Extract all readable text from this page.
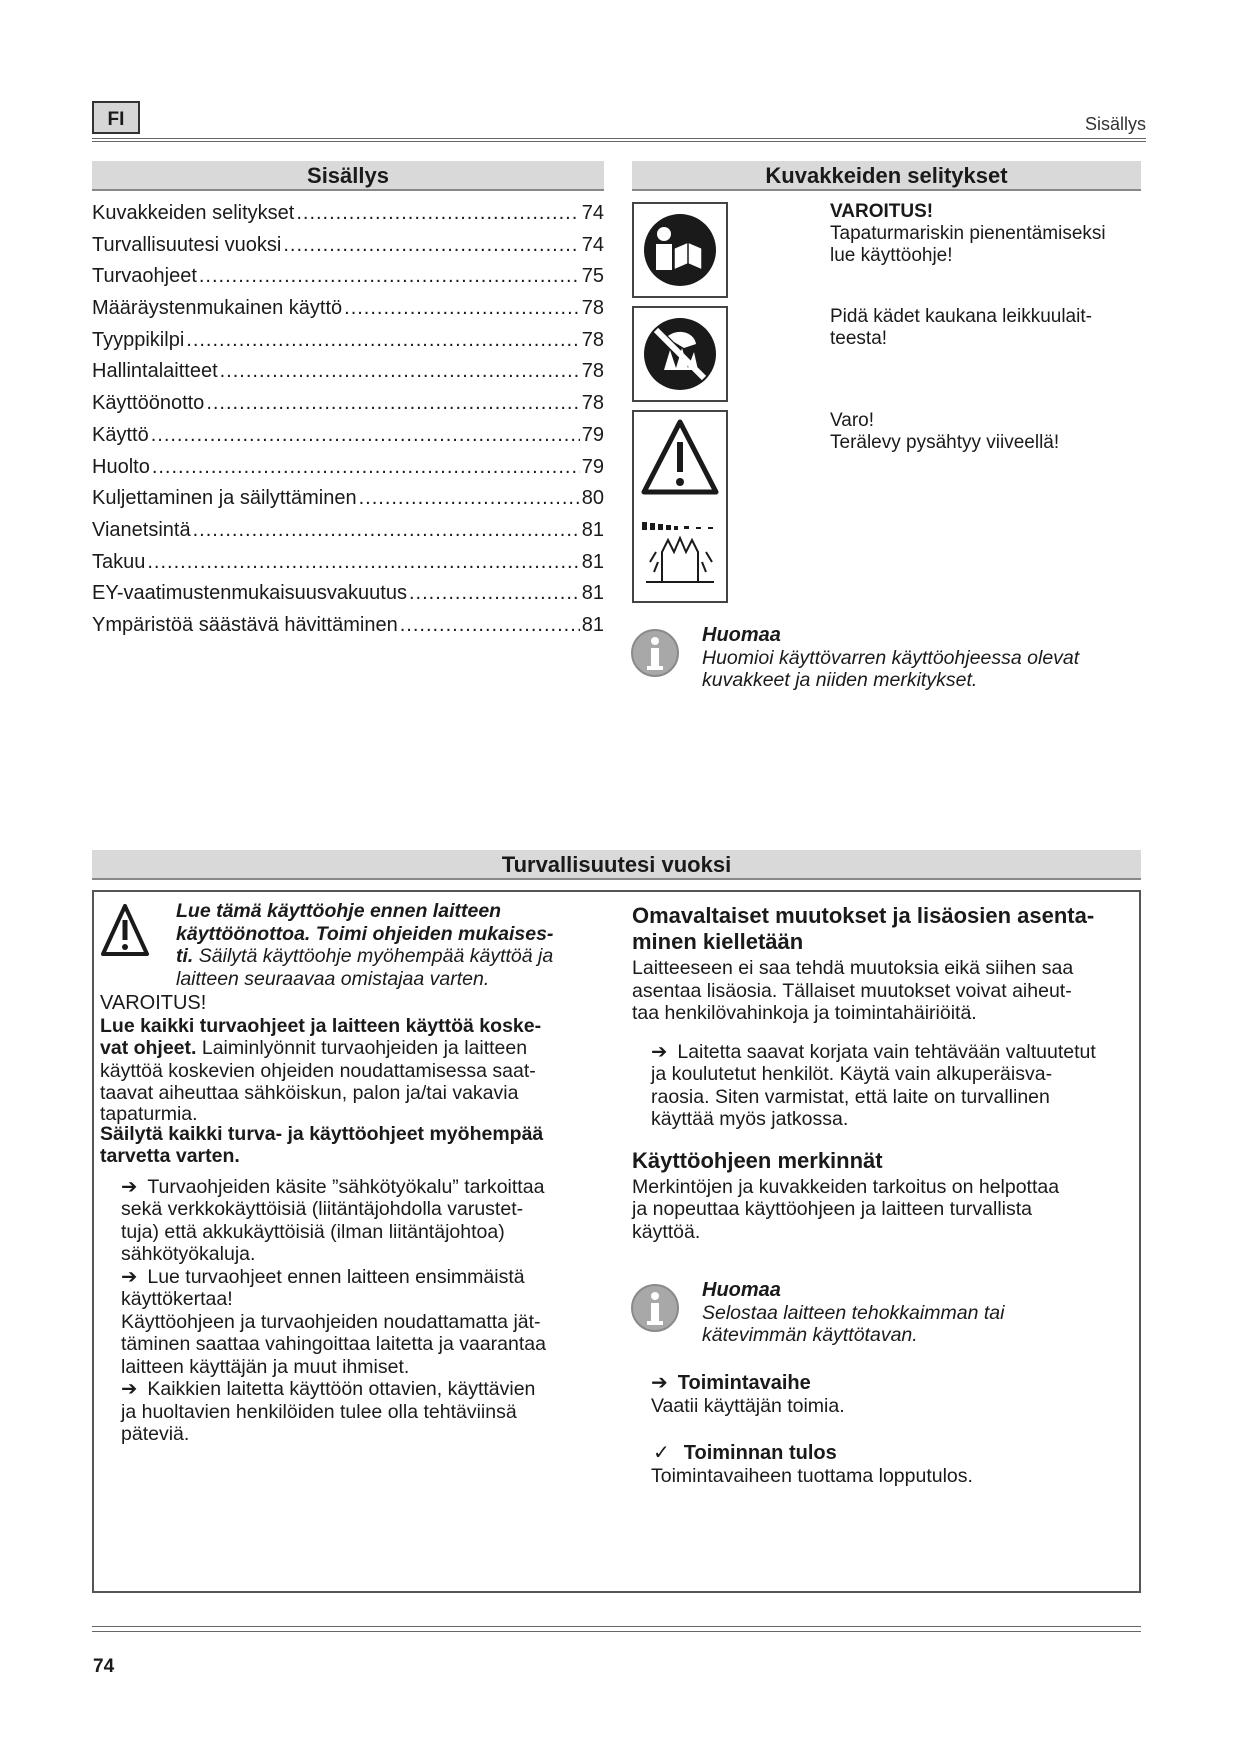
FI	Sisällys
Sisällys
Kuvakkeiden selitykset .....	74
Turvallisuutesi vuoksi .....	74
Turvaohjeet .....	75
Määräystenmukainen käyttö .....	78
Tyyppikilpi .....	78
Hallintalaitteet .....	78
Käyttöönotto .....	78
Käyttö .....	79
Huolto .....	79
Kuljettaminen ja säilyttäminen .....	80
Vianetsintä .....	81
Takuu .....	81
EY-vaatimustenmukaisuusvakuutus .....	81
Ympäristöä säästävä hävittäminen .....	81
Kuvakkeiden selitykset
VAROITUS!
Tapaturmariskin pienentämiseksi
lue käyttöohje!
Pidä kädet kaukana leikkuulait-
teesta!
Varo!
Terälevy pysähtyy viiveellä!
Huomaa
Huomioi käyttövarren käyttöohjeessa olevat
kuvakkeet ja niiden merkitykset.
Turvallisuutesi vuoksi
Lue tämä käyttöohje ennen laitteen
käyttöönottoa. Toimi ohjeiden mukaises-
ti. Säilytä käyttöohje myöhempää käyttöä ja
laitteen seuraavaa omistajaa varten.
VAROITUS!
Lue kaikki turvaohjeet ja laitteen käyttöä koske-
vat ohjeet. Laiminlyönnit turvaohjeiden ja laitteen
käyttöä koskevien ohjeiden noudattamisessa saat-
taavat aiheuttaa sähköiskun, palon ja/tai vakavia
tapaturmia.
Säilytä kaikki turva- ja käyttöohjeet myöhempää
tarvetta varten.
➔ Turvaohjeiden käsite ”sähkötyökalu” tarkoittaa
sekä verkkokäyttöisiä (liitäntäjohdolla varustet-
tuja) että akkukäyttöisiä (ilman liitäntäjohtoa)
sähkötyökaluja.
➔ Lue turvaohjeet ennen laitteen ensimmäistä
käyttökertaa!
Käyttöohjeen ja turvaohjeiden noudattamatta jät-
täminen saattaa vahingoittaa laitetta ja vaarantaa
laitteen käyttäjän ja muut ihmiset.
➔ Kaikkien laitetta käyttöön ottavien, käyttävien
ja huoltavien henkilöiden tulee olla tehtäviinsä
päteviä.
Omavaltaiset muutokset ja lisäosien asenta-
minen kielletään
Laitteeseen ei saa tehdä muutoksia eikä siihen saa
asentaa lisäosia. Tällaiset muutokset voivat aiheut-
taa henkilövahinkoja ja toimintahäiriöitä.
➔ Laitetta saavat korjata vain tehtävään valtuutetut
ja koulutetut henkilöt. Käytä vain alkuperäisva-
raosia. Siten varmistat, että laite on turvallinen
käyttää myös jatkossa.
Käyttöohjeen merkinnät
Merkintöjen ja kuvakkeiden tarkoitus on helpottaa
ja nopeuttaa käyttöohjeen ja laitteen turvallista
käyttöä.
Huomaa
Selostaa laitteen tehokkaimman tai
kätevimmän käyttötavan.
➔ Toimintavaihe
Vaatii käyttäjän toimia.
✓ Toiminnan tulos
Toimintavaiheen tuottama lopputulos.
74
